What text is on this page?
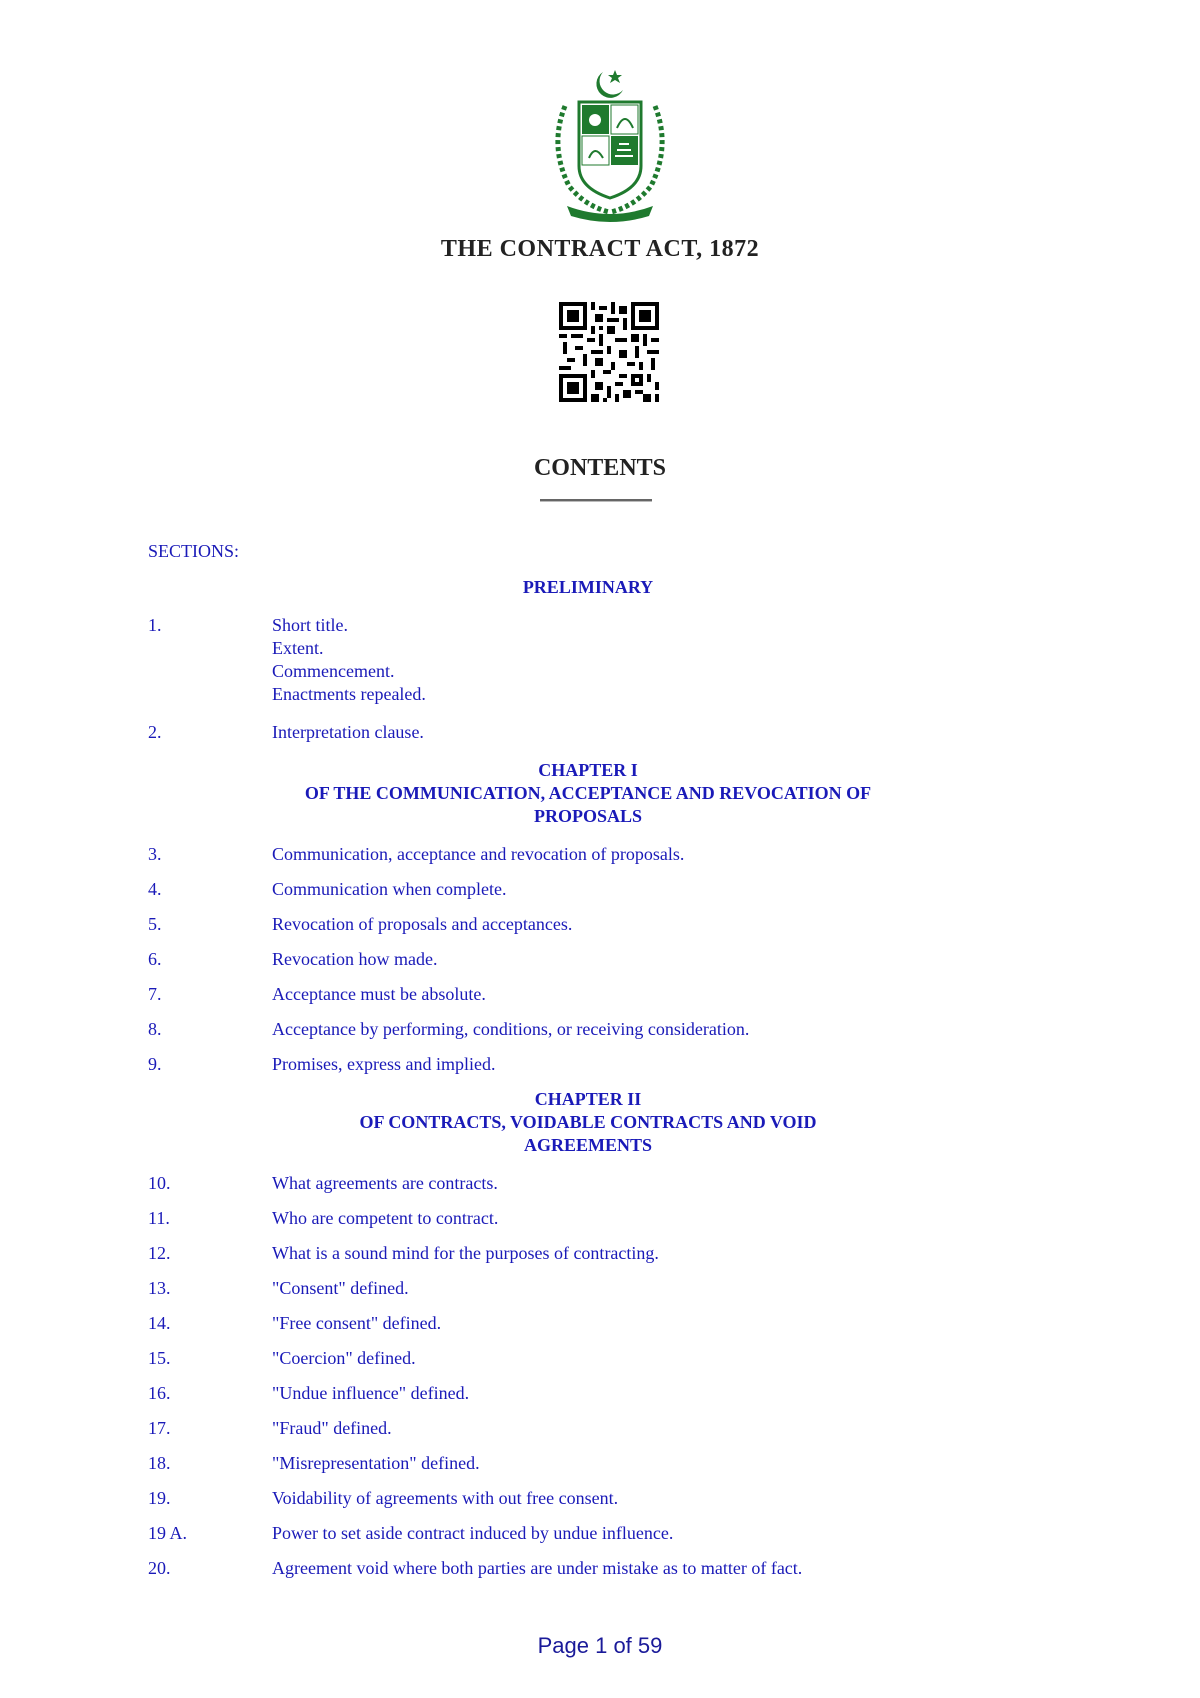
THE CONTRACT ACT, 1872
CONTENTS
SECTIONS:
PRELIMINARY
1.	Short title.
Extent.
Commencement.
Enactments repealed.
2.	Interpretation clause.
CHAPTER I
OF THE COMMUNICATION, ACCEPTANCE AND REVOCATION OF
PROPOSALS
3.	Communication, acceptance and revocation of proposals.
4.	Communication when complete.
5.	Revocation of proposals and acceptances.
6.	Revocation how made.
7.	Acceptance must be absolute.
8.	Acceptance by performing, conditions, or receiving consideration.
9.	Promises, express and implied.
CHAPTER II
OF CONTRACTS, VOIDABLE CONTRACTS AND VOID
AGREEMENTS
10.	What agreements are contracts.
11.	Who are competent to contract.
12.	What is a sound mind for the purposes of contracting.
13.	"Consent" defined.
14.	"Free consent" defined.
15.	"Coercion" defined.
16.	"Undue influence" defined.
17.	"Fraud" defined.
18.	"Misrepresentation" defined.
19.	Voidability of agreements with out free consent.
19 A.	Power to set aside contract induced by undue influence.
20.	Agreement void where both parties are under mistake as to matter of fact.
Page 1 of 59
